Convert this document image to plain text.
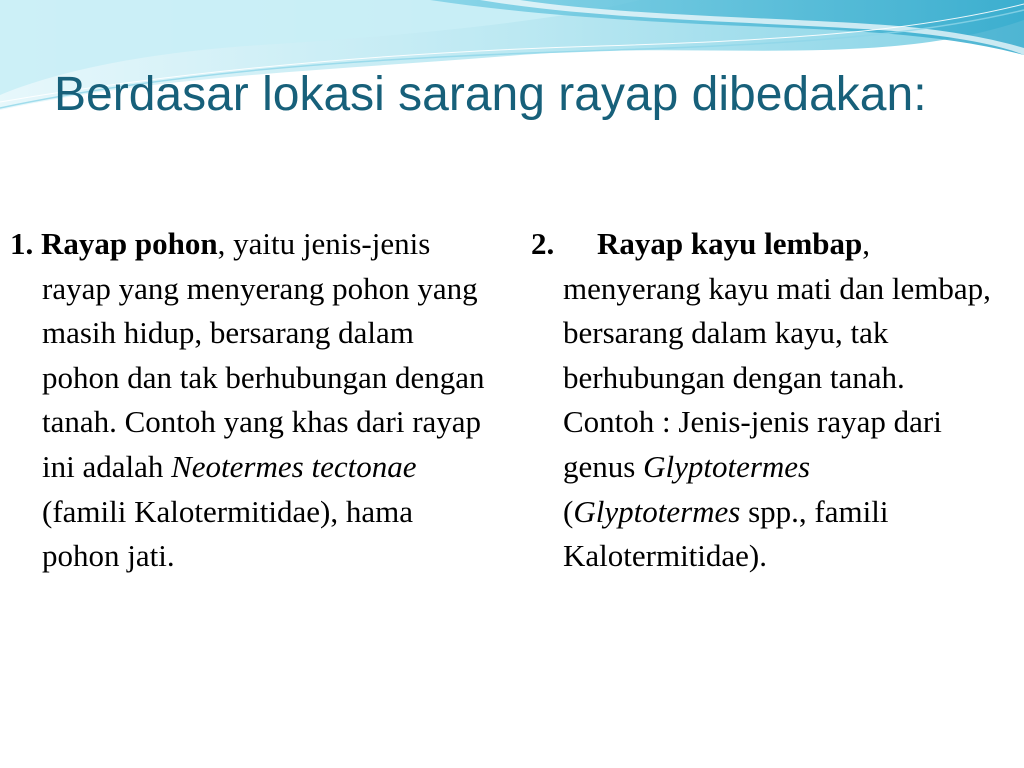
Berdasar lokasi sarang rayap dibedakan:

1. Rayap pohon, yaitu jenis-jenis rayap yang menyerang pohon yang masih hidup, bersarang dalam pohon dan tak berhubungan dengan tanah. Contoh yang khas dari rayap ini adalah Neotermes tectonae (famili Kalotermitidae), hama pohon jati.

2. Rayap kayu lembap, menyerang kayu mati dan lembap, bersarang dalam kayu, tak berhubungan dengan tanah. Contoh : Jenis-jenis rayap dari genus Glyptotermes (Glyptotermes spp., famili Kalotermitidae).
